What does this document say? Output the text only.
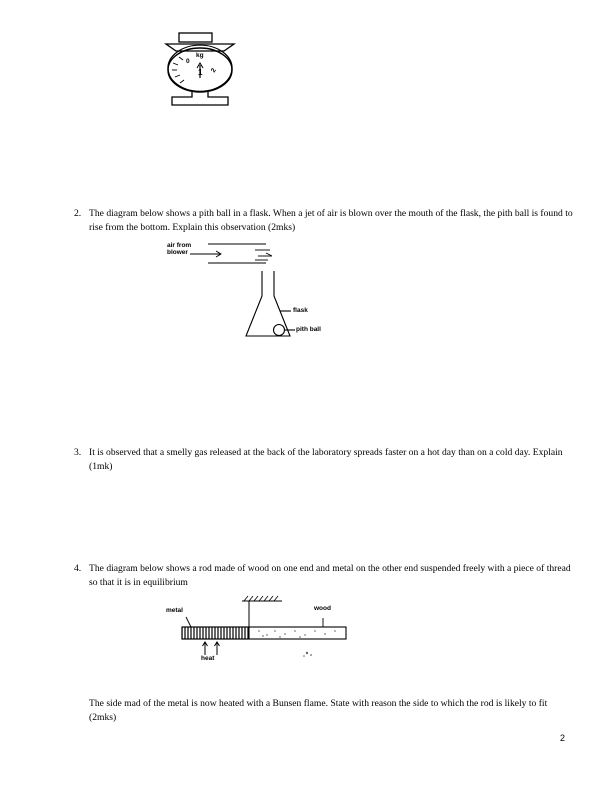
kg
0
1 2
2. The diagram below shows a pith ball in a flask. When a jet of air is blown over the mouth of the flask, the pith ball is found to rise from the bottom. Explain this observation (2mks)
air from
blower
flask
pith ball
3. It is observed that a smelly gas released at the back of the laboratory spreads faster on a hot day than on a cold day. Explain (1mk)
4. The diagram below shows a rod made of wood on one end and metal on the other end suspended freely with a piece of thread so that it is in equilibrium
metal	wood
heat
The side mad of the metal is now heated with a Bunsen flame. State with reason the side to which the rod is likely to fit (2mks)
2
